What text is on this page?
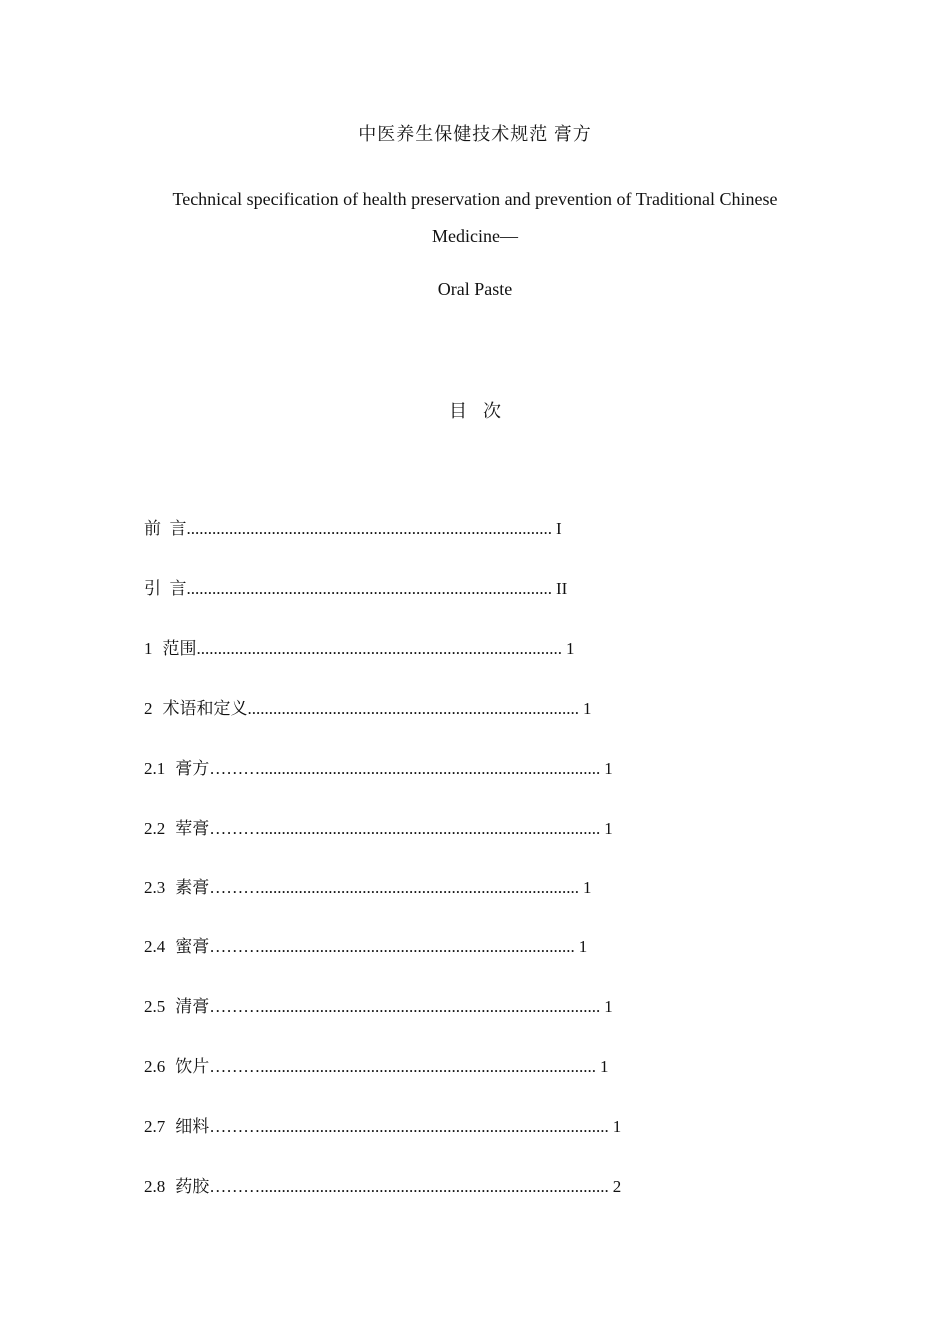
中医养生保健技术规范 膏方
Technical specification of health preservation and prevention of Traditional Chinese Medicine—
Oral Paste
目次
前  言...................................................................................... I
引  言...................................................................................... II
1 范围...................................................................................... 1
2 术语和定义.............................................................................. 1
2.1 膏方………................................................................................ 1
2.2 荤膏………................................................................................ 1
2.3 素膏………........................................................................... 1
2.4 蜜膏……….......................................................................... 1
2.5 清膏………................................................................................ 1
2.6 饮片………............................................................................... 1
2.7 细料……….................................................................................. 1
2.8 药胶……….................................................................................. 2
